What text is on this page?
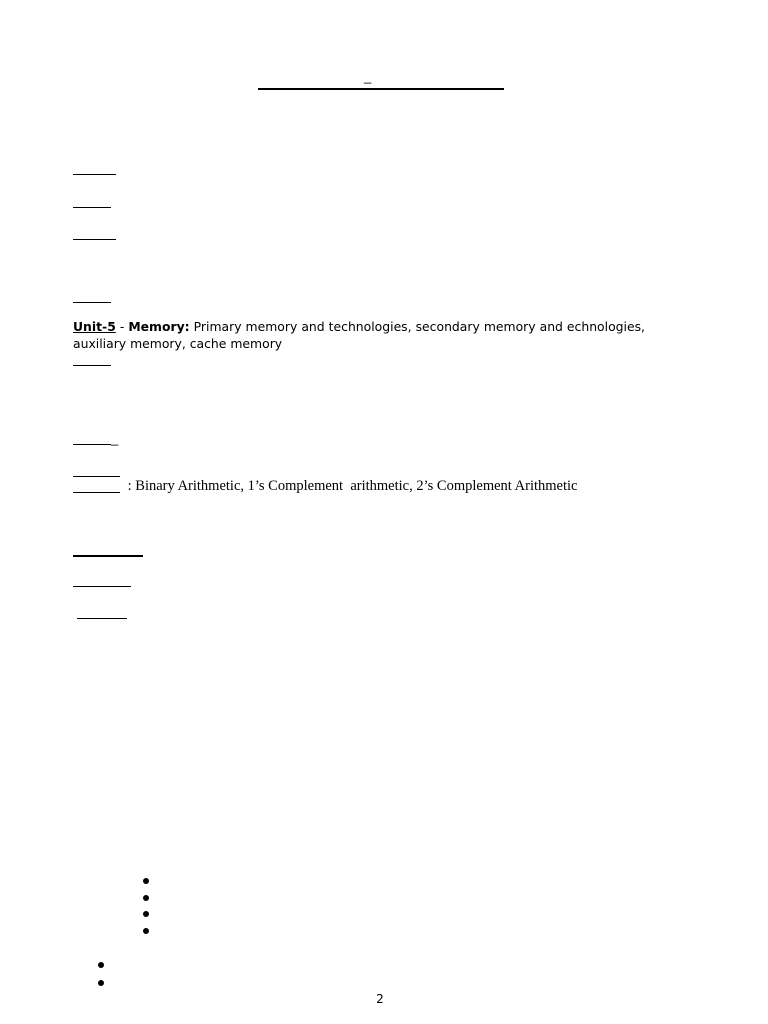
_
Unit-5 - Memory: Primary memory and technologies, secondary memory and echnologies, auxiliary memory, cache memory
_
: Binary Arithmetic, 1’s Complement  arithmetic, 2’s Complement Arithmetic
2
